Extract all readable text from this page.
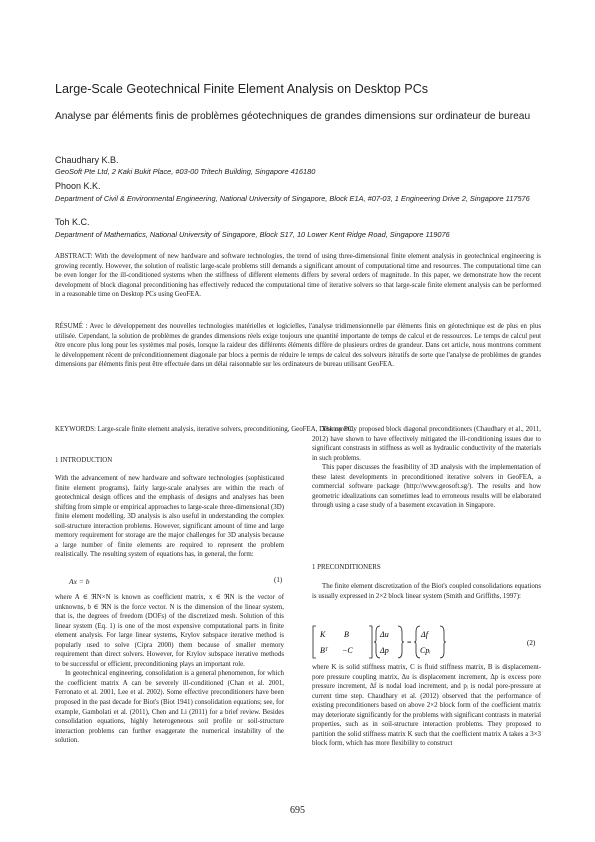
Large-Scale Geotechnical Finite Element Analysis on Desktop PCs
Analyse par éléments finis de problèmes géotechniques de grandes dimensions sur ordinateur de bureau
Chaudhary K.B.
GeoSoft Pte Ltd, 2 Kaki Bukit Place, #03-00 Tritech Building, Singapore 416180
Phoon K.K.
Department of Civil & Environmental Engineering, National University of Singapore, Block E1A, #07-03, 1 Engineering Drive 2, Singapore 117576
Toh K.C.
Department of Mathematics, National University of Singapore, Block S17, 10 Lower Kent Ridge Road, Singapore 119076
ABSTRACT: With the development of new hardware and software technologies, the trend of using three-dimensional finite element analysis in geotechnical engineering is growing recently. However, the solution of realistic large-scale problems still demands a significant amount of computational time and resources. The computational time can be even longer for the ill-conditioned systems when the stiffness of different elements differs by several orders of magnitude. In this paper, we demonstrate how the recent development of block diagonal preconditioning has effectively reduced the computational time of iterative solvers so that large-scale finite element analysis can be performed in a reasonable time on Desktop PCs using GeoFEA.
RÉSUMÉ : Avec le développement des nouvelles technologies matérielles et logicielles, l'analyse tridimensionnelle par éléments finis en géotechnique est de plus en plus utilisée. Cependant, la solution de problèmes de grandes dimensions réels exige toujours une quantité importante de temps de calcul et de ressources. Le temps de calcul peut être encore plus long pour les systèmes mal posés, lorsque la raideur des différents éléments diffère de plusieurs ordres de grandeur. Dans cet article, nous montrons comment le développement récent de préconditionnement diagonale par blocs a permis de réduire le temps de calcul des solveurs itératifs de sorte que l'analyse de problèmes de grandes dimensions par éléments finis peut être effectuée dans un délai raisonnable sur les ordinateurs de bureau utilisant GeoFEA.
KEYWORDS: Large-scale finite element analysis, iterative solvers, preconditioning, GeoFEA, Desktop PC.
1 INTRODUCTION

With the advancement of new hardware and software technologies (sophisticated finite element programs), fairly large-scale analyses are within the reach of geotechnical design offices and the emphasis of designs and analyses has been shifting from simple or empirical approaches to large-scale three-dimensional (3D) finite element modelling. 3D analysis is also useful in understanding the complex soil-structure interaction problems. However, significant amount of time and large memory requirement for storage are the major challenges for 3D analysis because a large number of finite elements are required to represent the problem realistically. The resulting system of equations has, in general, the form:

Ax = b	(1)

where A ∈ ℜN×N is known as coefficient matrix, x ∈ ℜN is the vector of unknowns, b ∈ ℜN is the force vector. N is the dimension of the linear system, that is, the degrees of freedom (DOFs) of the discretized mesh. Solution of this linear system (Eq. 1) is one of the most expensive computational parts in finite element analysis. For large linear systems, Krylov subspace iterative method is popularly used to solve (Cipra 2000) them because of smaller memory requirement than direct solvers. However, for Krylov subspace iterative methods to be successful or efficient, preconditioning plays an important role.

In geotechnical engineering, consolidation is a general phenomenon, for which the coefficient matrix A can be severely ill-conditioned (Chan et al. 2001, Ferronato et al. 2001, Lee et al. 2002). Some effective preconditioners have been proposed in the past decade for Biot's (Biot 1941) consolidation equations; see, for example, Gambolati et al. (2011), Chen and Li (2011) for a brief review. Besides consolidation equations, highly heterogeneous soil profile or soil-structure interaction problems can further exaggerate the numerical instability of the solution.

The recently proposed block diagonal preconditioners (Chaudhary et al., 2011, 2012) have shown to have effectively mitigated the ill-conditioning issues due to significant constrasts in stiffness as well as hydraulic conductivity of the materials in such problems.

This paper discusses the feasibility of 3D analysis with the implementation of these latest developments in preconditioned iterative solvers in GeoFEA, a commercial software package (http://www.geosoft.sg/). The results and how geometric idealizations can sometimes lead to erroneous results will be elaborated through using a case study of a basement excavation in Singapore.

1 PRECONDITIONERS

The finite element discretization of the Biot's coupled consolidations equations is usually expressed in 2×2 block linear system (Smith and Griffiths, 1997):

K B
Bᵀ −C
Δu
Δp
=
Δf
Cpᵢ
(2)

where K is solid stiffness matrix, C is fluid stiffness matrix, B is displacement-pore pressure coupling matrix, Δu is displacement increment, Δp is excess pore pressure increment, Δf is nodal load increment, and pᵢ is nodal pore-pressure at current time step. Chaudhary et al. (2012) observed that the performance of existing preconditioners based on above 2×2 block form of the coefficient matrix may deteriorate significantly for the problems with significant contrasts in material properties, such as in soil-structure interaction problems. They proposed to partition the solid stiffness matrix K such that the coefficient matrix A takes a 3×3 block form, which has more flexibility to construct

695
